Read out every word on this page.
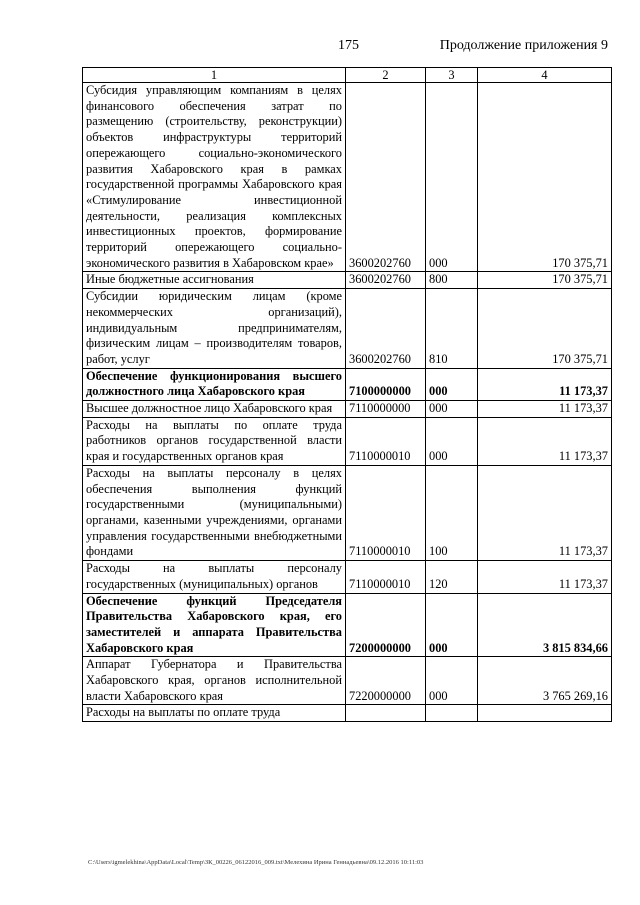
175	Продолжение приложения 9
1	2	3	4
Субсидия управляющим компаниям в целях финансового обеспечения затрат по размещению (строительству, реконструкции) объектов инфраструктуры территорий опережающего социально-экономического развития Хабаровского края в рамках государственной программы Хабаровского края «Стимулирование инвестиционной деятельности, реализация комплексных инвестиционных проектов, формирование территорий опережающего социально-экономического развития в Хабаровском крае»	3600202760	000	170 375,71
Иные бюджетные ассигнования	3600202760	800	170 375,71
Субсидии юридическим лицам (кроме некоммерческих организаций), индивидуальным предпринимателям, физическим лицам – производителям товаров, работ, услуг	3600202760	810	170 375,71
Обеспечение функционирования высшего должностного лица Хабаровского края	7100000000	000	11 173,37
Высшее должностное лицо Хабаровского края	7110000000	000	11 173,37
Расходы на выплаты по оплате труда работников органов государственной власти края и государственных органов края	7110000010	000	11 173,37
Расходы на выплаты персоналу в целях обеспечения выполнения функций государственными (муниципальными) органами, казенными учреждениями, органами управления государственными внебюджетными фондами	7110000010	100	11 173,37
Расходы на выплаты персоналу государственных (муниципальных) органов	7110000010	120	11 173,37
Обеспечение функций Председателя Правительства Хабаровского края, его заместителей и аппарата Правительства Хабаровского края	7200000000	000	3 815 834,66
Аппарат Губернатора и Правительства Хабаровского края, органов исполнительной власти Хабаровского края	7220000000	000	3 765 269,16
Расходы на выплаты по оплате труда			
C:\Users\igmelekhina\AppData\Local\Temp\ЗК_00226_06122016_009.txt\Мелехина Ирина Геннадьевна\09.12.2016 10:11:03
